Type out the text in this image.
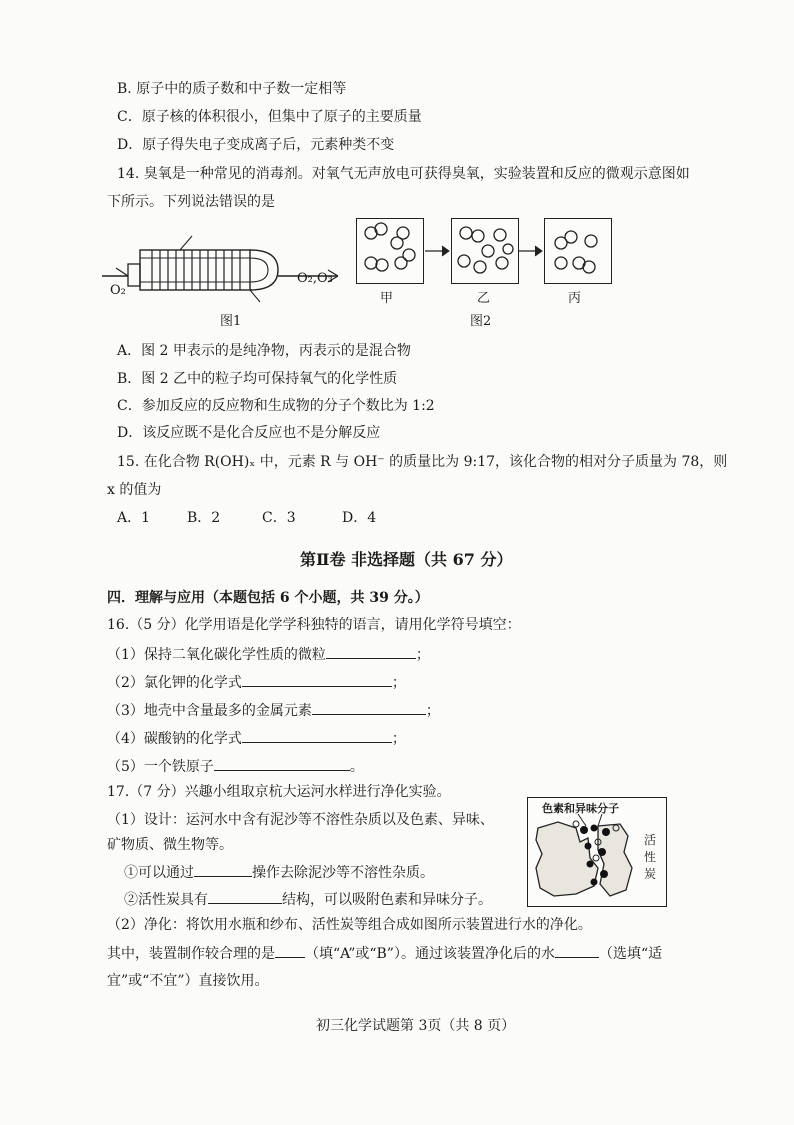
B. 原子中的质子数和中子数一定相等
C．原子核的体积很小，但集中了原子的主要质量
D．原子得失电子变成离子后，元素种类不变
14. 臭氧是一种常见的消毒剂。对氧气无声放电可获得臭氧，实验装置和反应的微观示意图如
下所示。下列说法错误的是
O₂
O₂,O₃
图1
甲	乙	丙
图2
A．图 2 甲表示的是纯净物，丙表示的是混合物
B．图 2 乙中的粒子均可保持氧气的化学性质
C．参加反应的反应物和生成物的分子个数比为 1:2
D．该反应既不是化合反应也不是分解反应
15. 在化合物 R(OH)ₓ 中，元素 R 与 OH⁻ 的质量比为 9:17，该化合物的相对分子质量为 78，则
x 的值为
A．1	B．2	C．3	D．4
第Ⅱ卷 非选择题（共 67 分）
四．理解与应用（本题包括 6 个小题，共 39 分。）
16.（5 分）化学用语是化学学科独特的语言，请用化学符号填空：
（1）保持二氧化碳化学性质的微粒	；
（2）氯化钾的化学式	；
（3）地壳中含量最多的金属元素	；
（4）碳酸钠的化学式	；
（5）一个铁原子	。
17.（7 分）兴趣小组取京杭大运河水样进行净化实验。
（1）设计：运河水中含有泥沙等不溶性杂质以及色素、异味、
矿物质、微生物等。
①可以通过	操作去除泥沙等不溶性杂质。
②活性炭具有	结构，可以吸附色素和异味分子。
色素和异味分子
活性炭
（2）净化：将饮用水瓶和纱布、活性炭等组合成如图所示装置进行水的净化。
其中，装置制作较合理的是 （填“A”或“B”）。通过该装置净化后的水	（选填“适
宜”或“不宜”）直接饮用。
初三化学试题第 3页（共 8 页）
